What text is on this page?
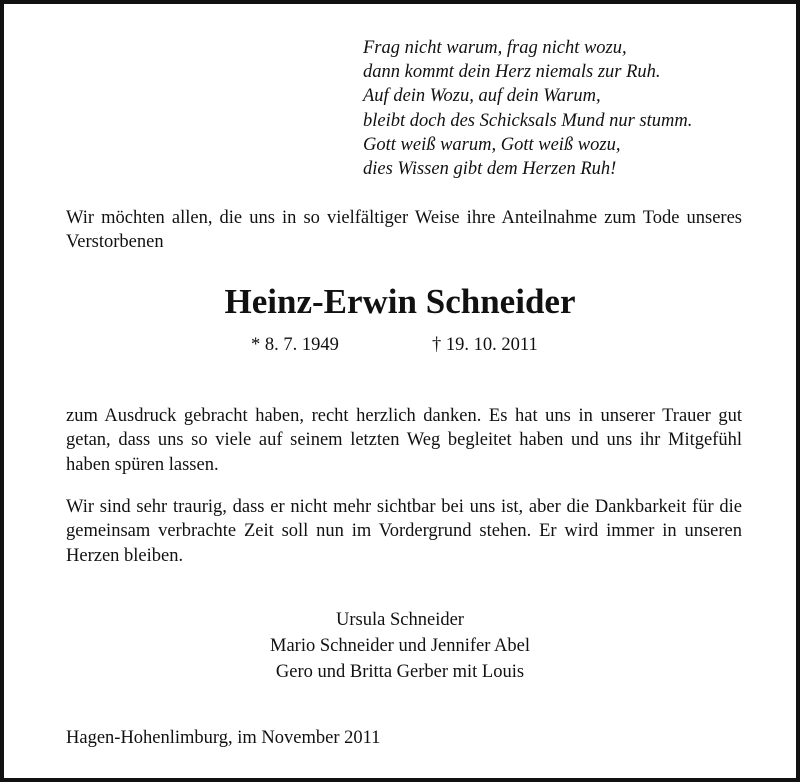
Frag nicht warum, frag nicht wozu,
dann kommt dein Herz niemals zur Ruh.
Auf dein Wozu, auf dein Warum,
bleibt doch des Schicksals Mund nur stumm.
Gott weiß warum, Gott weiß wozu,
dies Wissen gibt dem Herzen Ruh!
Wir möchten allen, die uns in so vielfältiger Weise ihre Anteilnahme zum Tode unseres Verstorbenen
Heinz-Erwin Schneider
* 8. 7. 1949	† 19. 10. 2011
zum Ausdruck gebracht haben, recht herzlich danken. Es hat uns in unserer Trauer gut getan, dass uns so viele auf seinem letzten Weg begleitet haben und uns ihr Mitgefühl haben spüren lassen.
Wir sind sehr traurig, dass er nicht mehr sichtbar bei uns ist, aber die Dankbarkeit für die gemeinsam verbrachte Zeit soll nun im Vordergrund stehen. Er wird immer in unseren Herzen bleiben.
Ursula Schneider
Mario Schneider und Jennifer Abel
Gero und Britta Gerber mit Louis
Hagen-Hohenlimburg, im November 2011
